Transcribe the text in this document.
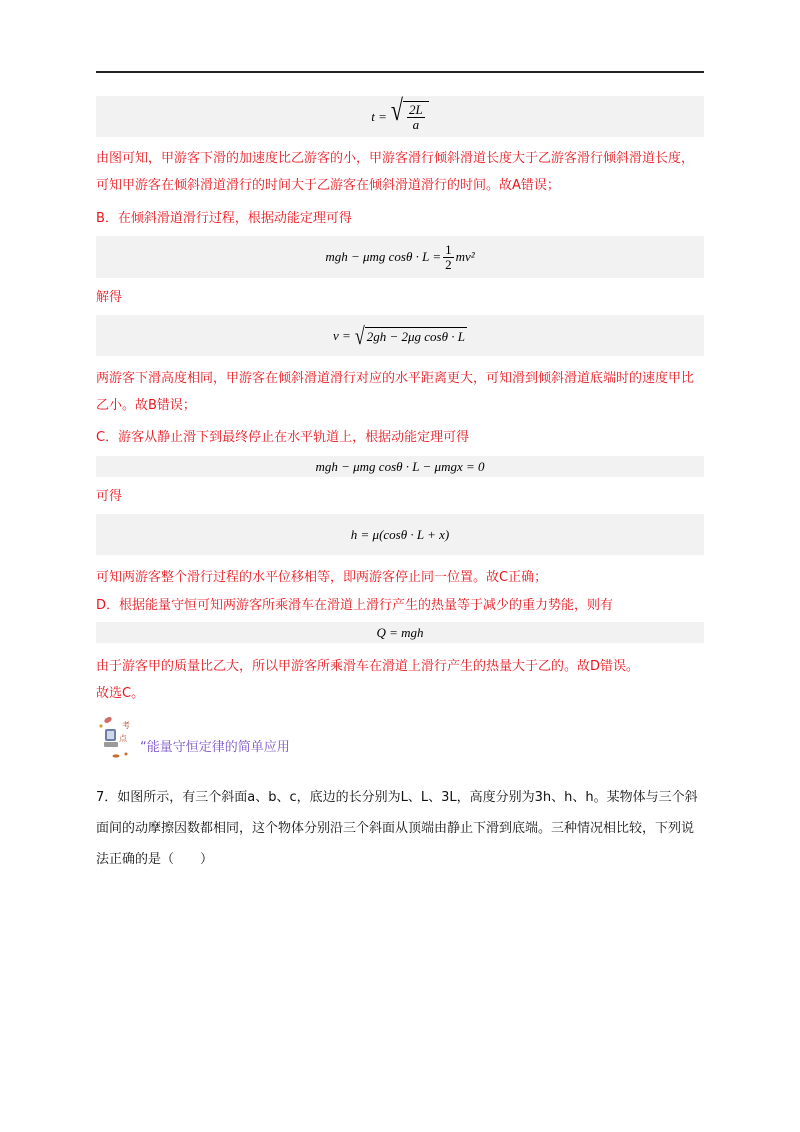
t = √ $\frac{2L}{a}$

由图可知，甲游客下滑的加速度比乙游客的小，甲游客滑行倾斜滑道长度大于乙游客滑行倾斜滑道长度，可知甲游客在倾斜滑道滑行的时间大于乙游客在倾斜滑道滑行的时间。故A错误；

B．在倾斜滑道滑行过程，根据动能定理可得

mgh − μmg $\cos\theta \cdot L = \frac{1}{2} mv^2$

解得

v = √ 2gh − 2μg cosθ · L

两游客下滑高度相同，甲游客在倾斜滑道滑行对应的水平距离更大，可知滑到倾斜滑道底端时的速度甲比乙小。故B错误；

C．游客从静止滑下到最终停止在水平轨道上，根据动能定理可得

mgh − μmg cosθ · L − μmgx = 0

可得

h = μ(cosθ · L + x)

可知两游客整个滑行过程的水平位移相等，即两游客停止同一位置。故C正确；

D．根据能量守恒可知两游客所乘滑车在滑道上滑行产生的热量等于减少的重力势能，则有

Q = mgh

由于游客甲的质量比乙大，所以甲游客所乘滑车在滑道上滑行产生的热量大于乙的。故D错误。

故选C。

考
点
“能量守恒定律的简单应用

7．如图所示，有三个斜面a、b、c，底边的长分别为L、L、3L，高度分别为3h、h、h。某物体与三个斜面间的动摩擦因数都相同，这个物体分别沿三个斜面从顶端由静止下滑到底端。三种情况相比较，下列说法正确的是（　　）
